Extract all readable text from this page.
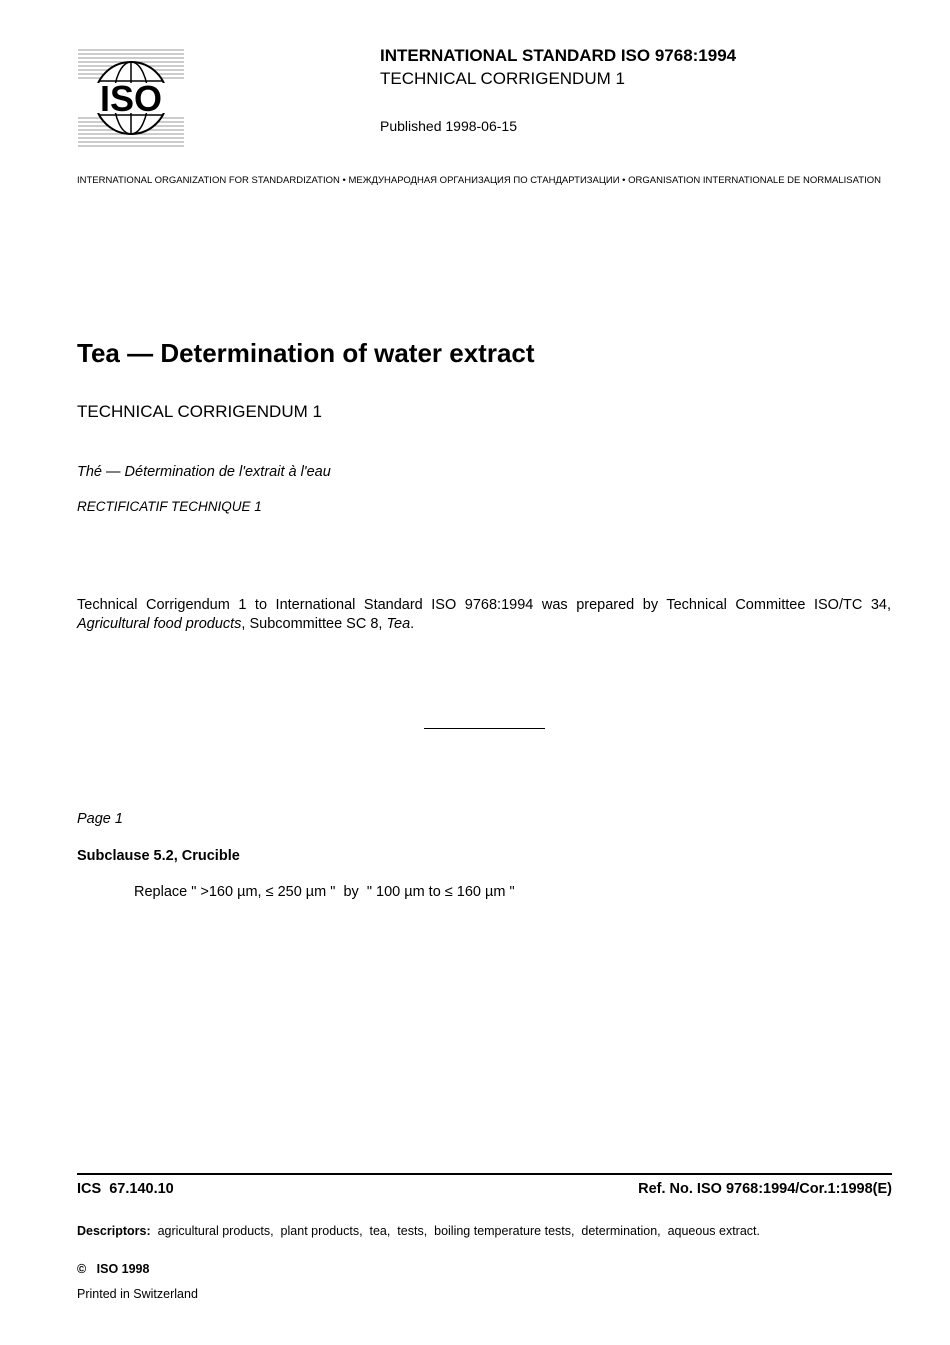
ISO
INTERNATIONAL STANDARD ISO 9768:1994
TECHNICAL CORRIGENDUM 1
Published 1998-06-15
INTERNATIONAL ORGANIZATION FOR STANDARDIZATION • МЕЖДУНАРОДНАЯ ОРГАНИЗАЦИЯ ПО СТАНДАРТИЗАЦИИ • ORGANISATION INTERNATIONALE DE NORMALISATION
Tea — Determination of water extract
TECHNICAL CORRIGENDUM 1
Thé — Détermination de l'extrait à l'eau
RECTIFICATIF TECHNIQUE 1
Technical Corrigendum 1 to International Standard ISO 9768:1994 was prepared by Technical Committee ISO/TC 34, Agricultural food products, Subcommittee SC 8, Tea.
Page 1
Subclause 5.2, Crucible
Replace " >160 µm, ≤ 250 µm "  by  " 100 µm to ≤ 160 µm "
ICS  67.140.10	Ref. No. ISO 9768:1994/Cor.1:1998(E)
Descriptors:  agricultural products,  plant products,  tea,  tests,  boiling temperature tests,  determination,  aqueous extract.
©   ISO 1998
Printed in Switzerland
